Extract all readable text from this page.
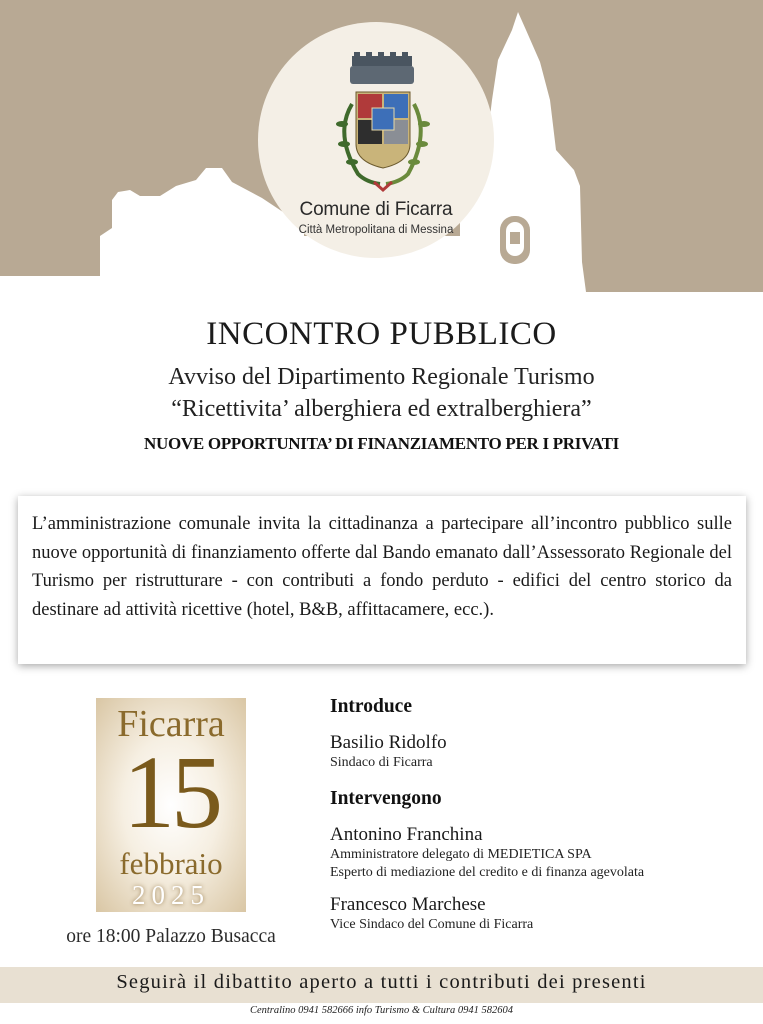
Comune di Ficarra
Città Metropolitana di Messina
INCONTRO PUBBLICO
Avviso del Dipartimento Regionale Turismo
“Ricettivita’ alberghiera ed extralberghiera”
NUOVE OPPORTUNITA’ DI FINANZIAMENTO PER I PRIVATI
L’amministrazione comunale invita la cittadinanza a partecipare all’incontro pubblico sulle nuove opportunità di finanziamento offerte dal Bando emanato dall’Assessorato Regionale del Turismo per ristrutturare - con contributi a fondo perduto - edifici del centro storico da destinare ad attività ricettive (hotel, B&B, affittacamere, ecc.).
Ficarra
15
febbraio
2025
ore 18:00 Palazzo Busacca
Introduce
Basilio Ridolfo
Sindaco di Ficarra
Intervengono
Antonino Franchina
Amministratore delegato di MEDIETICA SPA
Esperto di mediazione del credito e di finanza agevolata
Francesco Marchese
Vice Sindaco del Comune di Ficarra
Seguirà il dibattito aperto a tutti i contributi dei presenti
Centralino 0941 582666 info Turismo & Cultura 0941 582604
